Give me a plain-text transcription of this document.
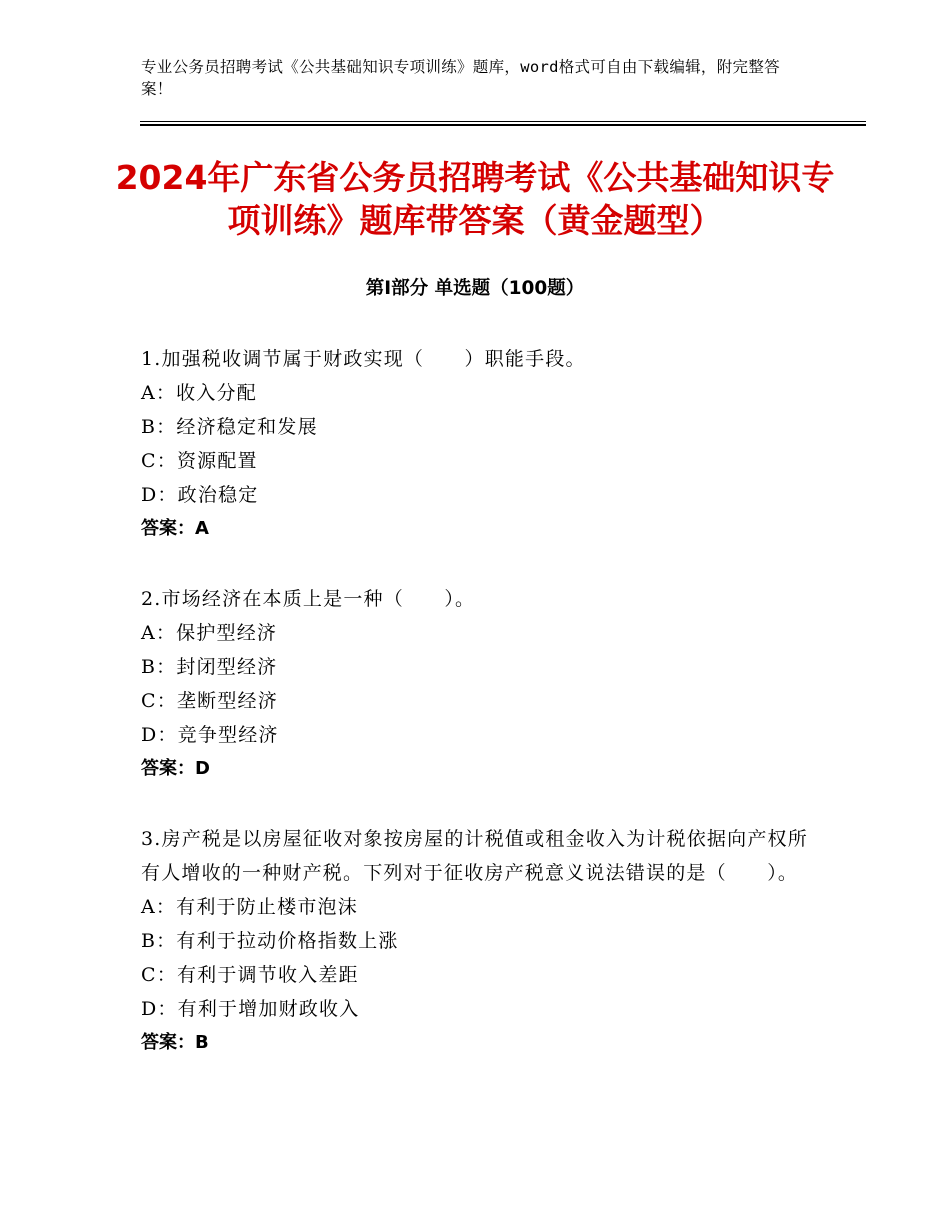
专业公务员招聘考试《公共基础知识专项训练》题库，word格式可自由下载编辑，附完整答案！
2024年广东省公务员招聘考试《公共基础知识专项训练》题库带答案（黄金题型）
第Ⅰ部分 单选题（100题）
1.加强税收调节属于财政实现（　　）职能手段。
A：收入分配
B：经济稳定和发展
C：资源配置
D：政治稳定
答案：A
2.市场经济在本质上是一种（　　）。
A：保护型经济
B：封闭型经济
C：垄断型经济
D：竞争型经济
答案：D
3.房产税是以房屋征收对象按房屋的计税值或租金收入为计税依据向产权所有人增收的一种财产税。下列对于征收房产税意义说法错误的是（　　）。
A：有利于防止楼市泡沫
B：有利于拉动价格指数上涨
C：有利于调节收入差距
D：有利于增加财政收入
答案：B
